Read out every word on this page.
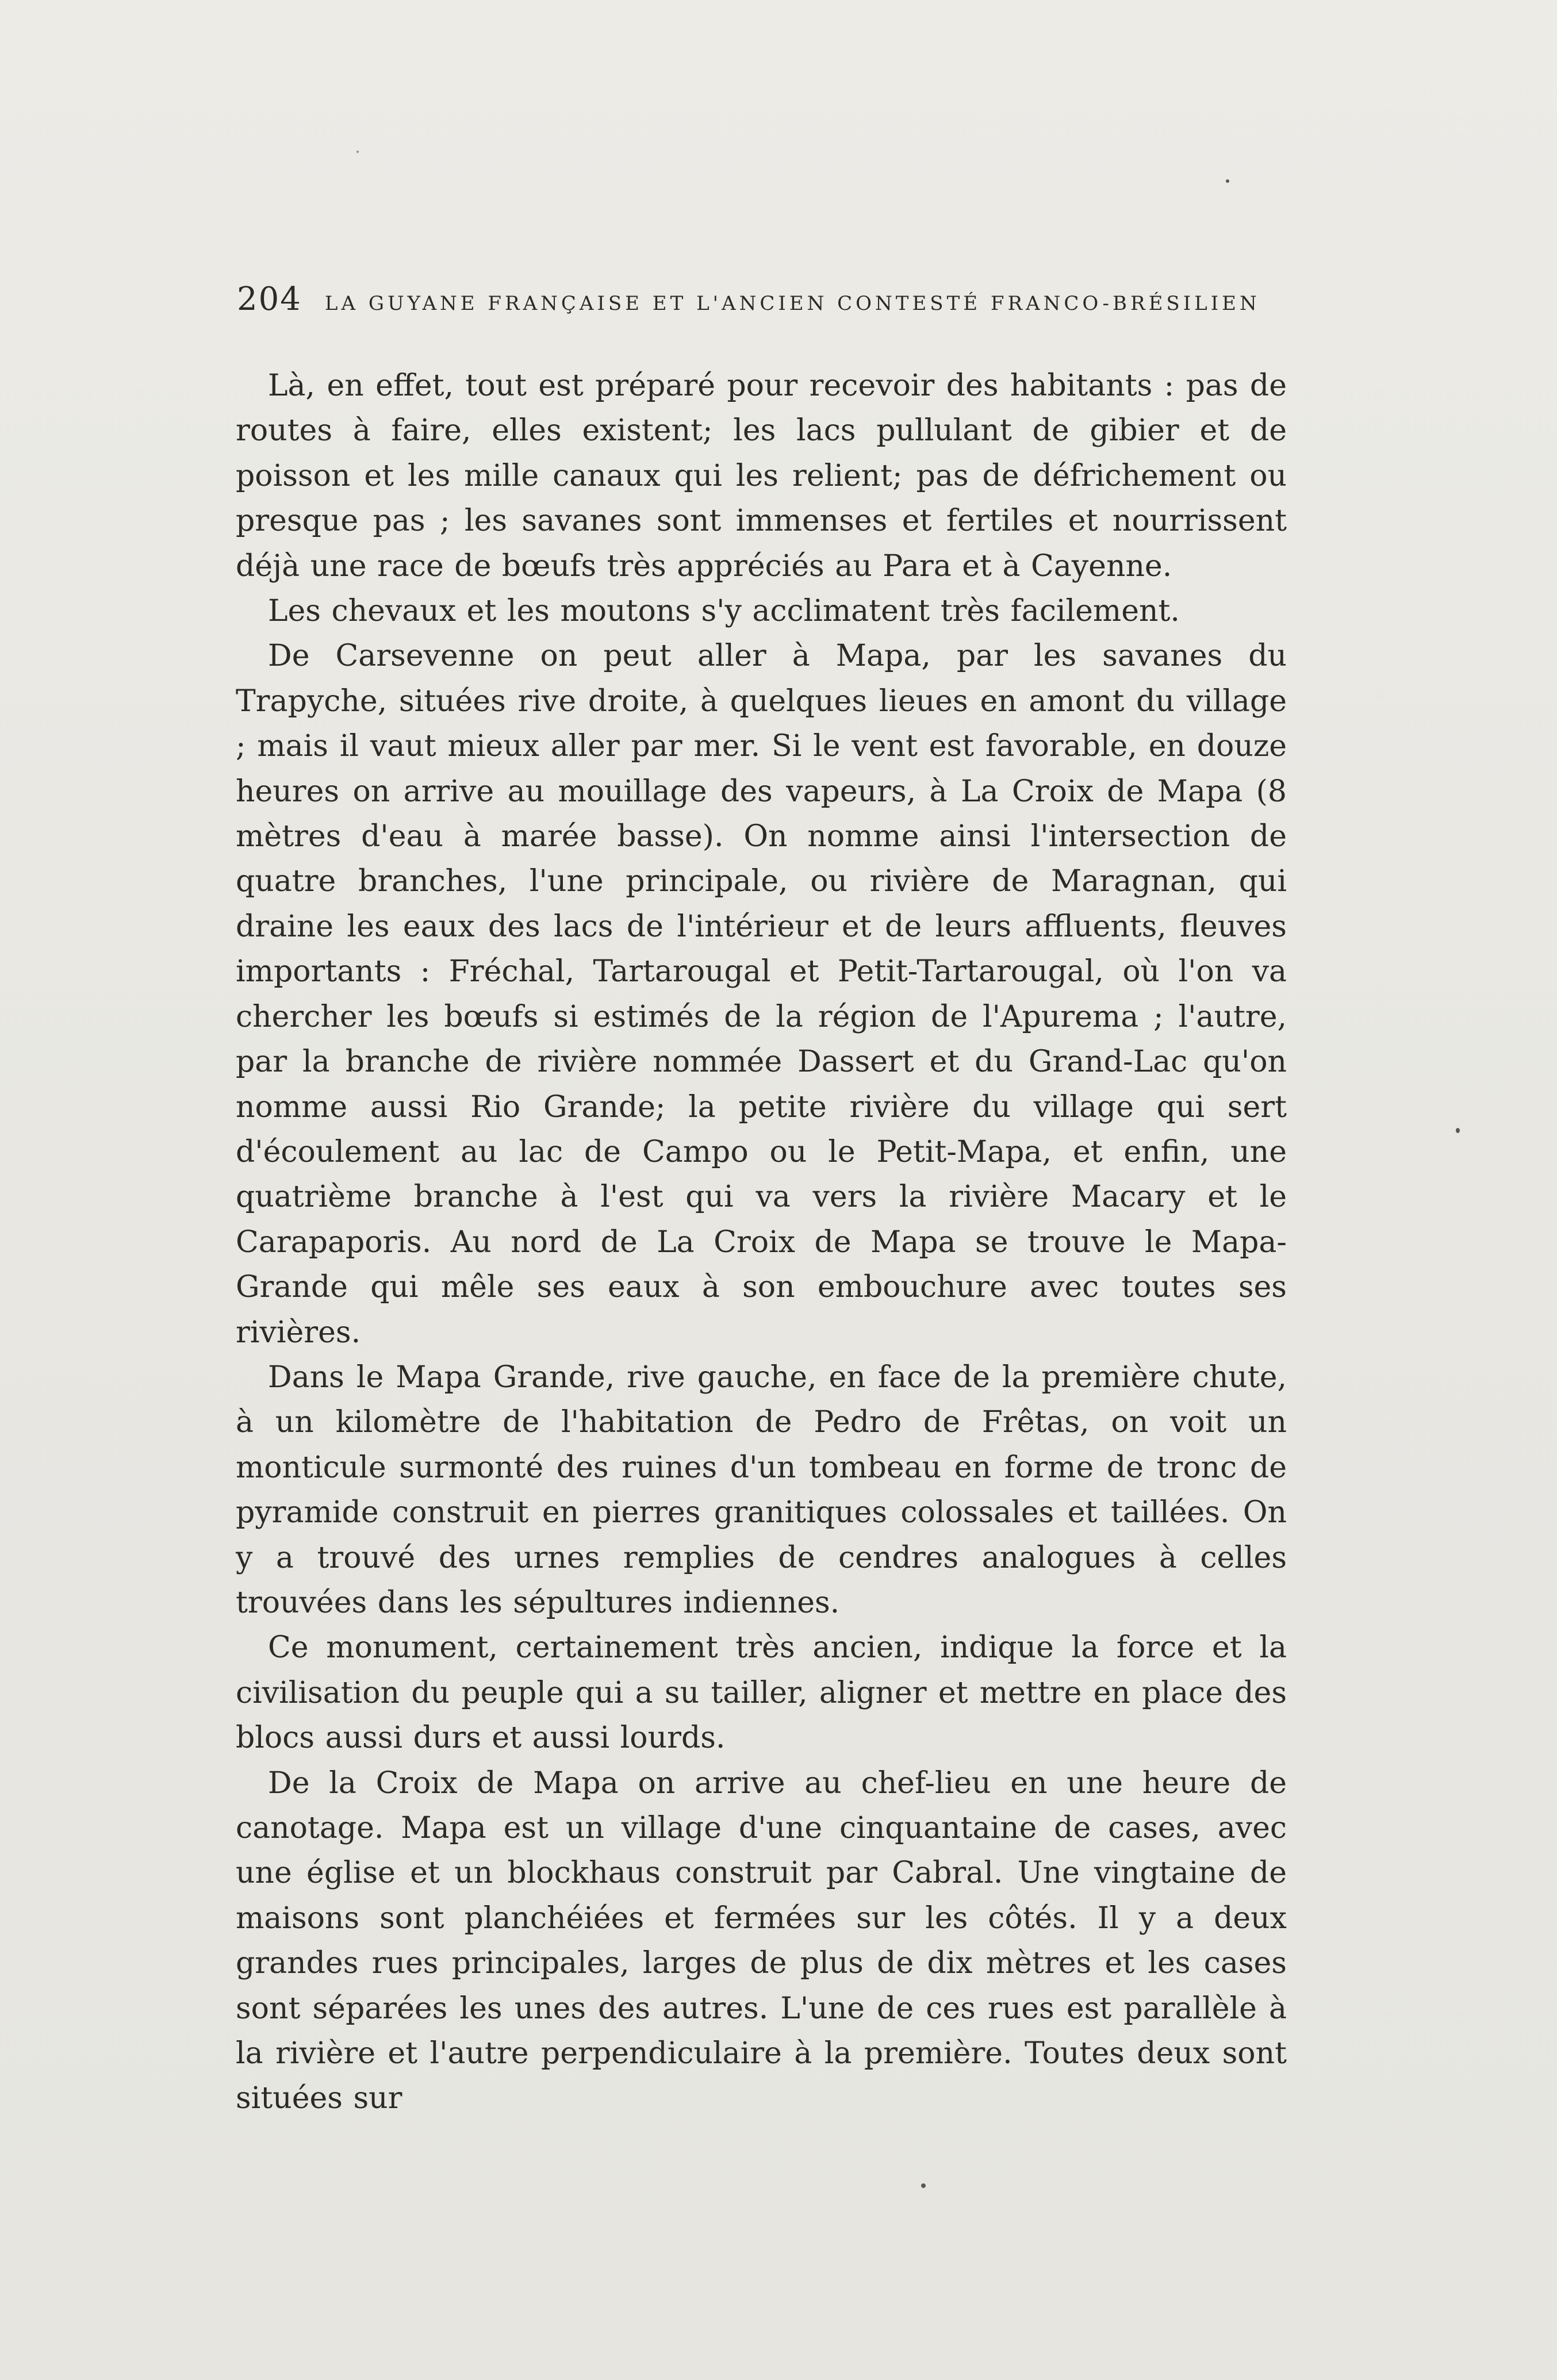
204 LA GUYANE FRANÇAISE ET L'ANCIEN CONTESTÉ FRANCO-BRÉSILIEN

Là, en effet, tout est préparé pour recevoir des habitants : pas de routes à faire, elles existent; les lacs pullulant de gibier et de poisson et les mille canaux qui les relient; pas de défrichement ou presque pas ; les savanes sont immenses et fertiles et nourrissent déjà une race de bœufs très appréciés au Para et à Cayenne.

Les chevaux et les moutons s'y acclimatent très facilement.

De Carsevenne on peut aller à Mapa, par les savanes du Trapyche, situées rive droite, à quelques lieues en amont du village ; mais il vaut mieux aller par mer. Si le vent est favorable, en douze heures on arrive au mouillage des vapeurs, à La Croix de Mapa (8 mètres d'eau à marée basse). On nomme ainsi l'intersection de quatre branches, l'une principale, ou rivière de Maragnan, qui draine les eaux des lacs de l'intérieur et de leurs affluents, fleuves importants : Fréchal, Tartarougal et Petit-Tartarougal, où l'on va chercher les bœufs si estimés de la région de l'Apurema ; l'autre, par la branche de rivière nommée Dassert et du Grand-Lac qu'on nomme aussi Rio Grande; la petite rivière du village qui sert d'écoulement au lac de Campo ou le Petit-Mapa, et enfin, une quatrième branche à l'est qui va vers la rivière Macary et le Carapaporis. Au nord de La Croix de Mapa se trouve le Mapa-Grande qui mêle ses eaux à son embouchure avec toutes ses rivières.

Dans le Mapa Grande, rive gauche, en face de la première chute, à un kilomètre de l'habitation de Pedro de Frêtas, on voit un monticule surmonté des ruines d'un tombeau en forme de tronc de pyramide construit en pierres granitiques colossales et taillées. On y a trouvé des urnes remplies de cendres analogues à celles trouvées dans les sépultures indiennes.

Ce monument, certainement très ancien, indique la force et la civilisation du peuple qui a su tailler, aligner et mettre en place des blocs aussi durs et aussi lourds.

De la Croix de Mapa on arrive au chef-lieu en une heure de canotage. Mapa est un village d'une cinquantaine de cases, avec une église et un blockhaus construit par Cabral. Une vingtaine de maisons sont planchéiées et fermées sur les côtés. Il y a deux grandes rues principales, larges de plus de dix mètres et les cases sont séparées les unes des autres. L'une de ces rues est parallèle à la rivière et l'autre perpendiculaire à la première. Toutes deux sont situées sur
